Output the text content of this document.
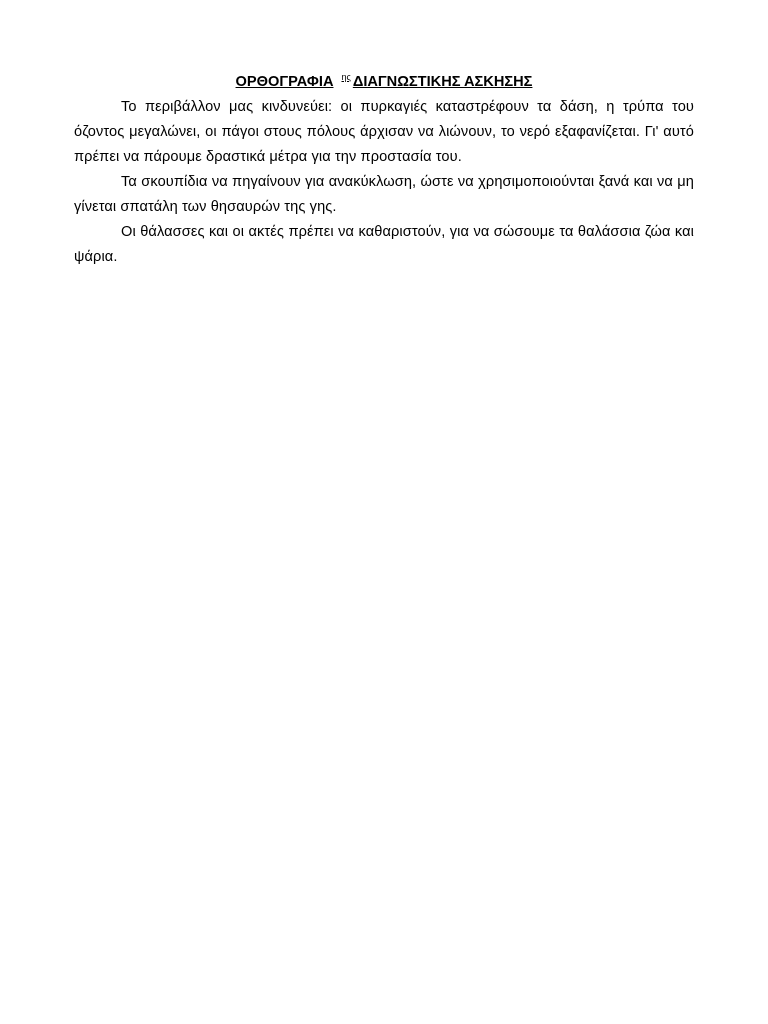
ΟΡΘΟΓΡΑΦΙΑ $^{\eta\varsigma}$ ΔΙΑΓΝΩΣΤΙΚΗΣ ΑΣΚΗΣΗΣ

Το περιβάλλον μας κινδυνεύει: οι πυρκαγιές καταστρέφουν τα δάση, η τρύπα του όζοντος μεγαλώνει, οι πάγοι στους πόλους άρχισαν να λιώνουν, το νερό εξαφανίζεται. Γι' αυτό πρέπει να πάρουμε δραστικά μέτρα για την προστασία του.

Τα σκουπίδια να πηγαίνουν για ανακύκλωση, ώστε να χρησιμοποιούνται ξανά και να μη γίνεται σπατάλη των θησαυρών της γης.

Οι θάλασσες και οι ακτές πρέπει να καθαριστούν, για να σώσουμε τα θαλάσσια ζώα και ψάρια.
